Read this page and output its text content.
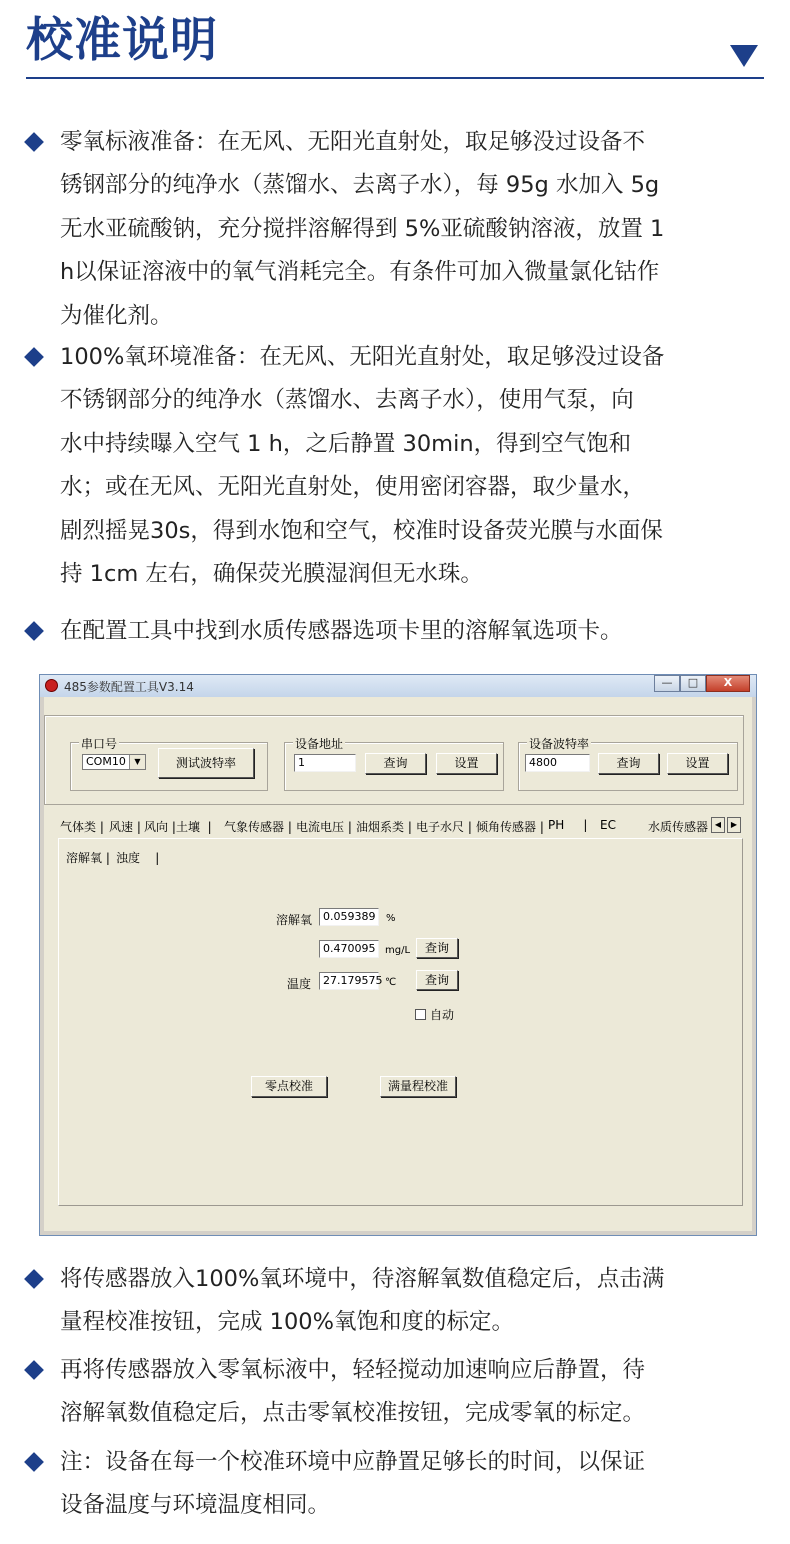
校准说明
零氧标液准备：在无风、无阳光直射处，取足够没过设备不
锈钢部分的纯净水（蒸馏水、去离子水），每 95g 水加入 5g
无水亚硫酸钠，充分搅拌溶解得到 5%亚硫酸钠溶液，放置 1
h以保证溶液中的氧气消耗完全。有条件可加入微量氯化钴作
为催化剂。
100%氧环境准备：在无风、无阳光直射处，取足够没过设备
不锈钢部分的纯净水（蒸馏水、去离子水），使用气泵，向
水中持续曝入空气 1 h，之后静置 30min，得到空气饱和
水；或在无风、无阳光直射处，使用密闭容器，取少量水，
剧烈摇晃30s，得到水饱和空气，校准时设备荧光膜与水面保
持 1cm 左右，确保荧光膜湿润但无水珠。
在配置工具中找到水质传感器选项卡里的溶解氧选项卡。
485参数配置工具V3.14	—	□	X
串口号
COM10	▼	测试波特率
设备地址
1	查询	设置
设备波特率
4800	查询	设置
气体类 | 风速 | 风向 | 土壤  | 气象传感器 | 电流电压 | 油烟系类 | 电子水尺 | 倾角传感器 | PH     | EC	水质传感器 ◀	▶
溶解氧 | 浊度    |
溶解氧 0.059389	%
0.470095 mg/L	查询
温度	27.179575 ℃	查询
自动
零点校准	满量程校准
将传感器放入100%氧环境中，待溶解氧数值稳定后，点击满
量程校准按钮，完成 100%氧饱和度的标定。
再将传感器放入零氧标液中，轻轻搅动加速响应后静置，待
溶解氧数值稳定后，点击零氧校准按钮，完成零氧的标定。
注：设备在每一个校准环境中应静置足够长的时间，以保证
设备温度与环境温度相同。
